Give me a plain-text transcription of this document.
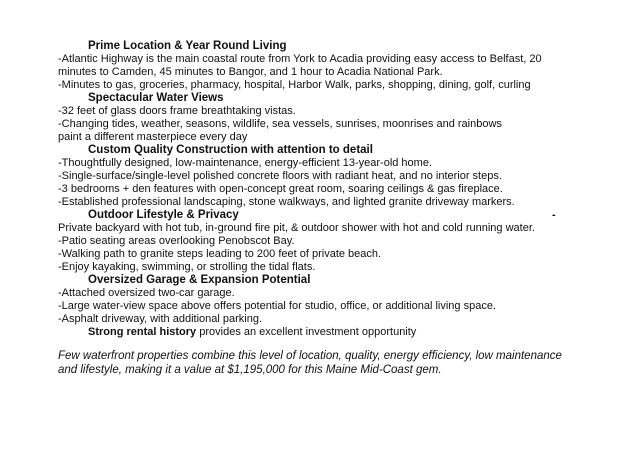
Prime Location & Year Round Living
-Atlantic Highway is the main coastal route from York to Acadia providing easy access to Belfast, 20
minutes to Camden, 45 minutes to Bangor, and 1 hour to Acadia National Park.
-Minutes to gas, groceries, pharmacy, hospital, Harbor Walk, parks, shopping, dining, golf, curling
Spectacular Water Views
-32 feet of glass doors frame breathtaking vistas.
-Changing tides, weather, seasons, wildlife, sea vessels, sunrises, moonrises and rainbows
paint a different masterpiece every day
Custom Quality Construction with attention to detail
-Thoughtfully designed, low-maintenance, energy-efficient 13-year-old home.
-Single-surface/single-level polished concrete floors with radiant heat, and no interior steps.
-3 bedrooms + den features with open-concept great room, soaring ceilings & gas fireplace.
-Established professional landscaping, stone walkways, and lighted granite driveway markers.
Outdoor Lifestyle & Privacy	-
Private backyard with hot tub, in-ground fire pit, & outdoor shower with hot and cold running water.
-Patio seating areas overlooking Penobscot Bay.
-Walking path to granite steps leading to 200 feet of private beach.
-Enjoy kayaking, swimming, or strolling the tidal flats.
Oversized Garage & Expansion Potential
-Attached oversized two-car garage.
-Large water-view space above offers potential for studio, office, or additional living space.
-Asphalt driveway, with additional parking.
Strong rental history provides an excellent investment opportunity
Few waterfront properties combine this level of location, quality, energy efficiency, low maintenance and lifestyle, making it a value at $1,195,000 for this Maine Mid-Coast gem.
